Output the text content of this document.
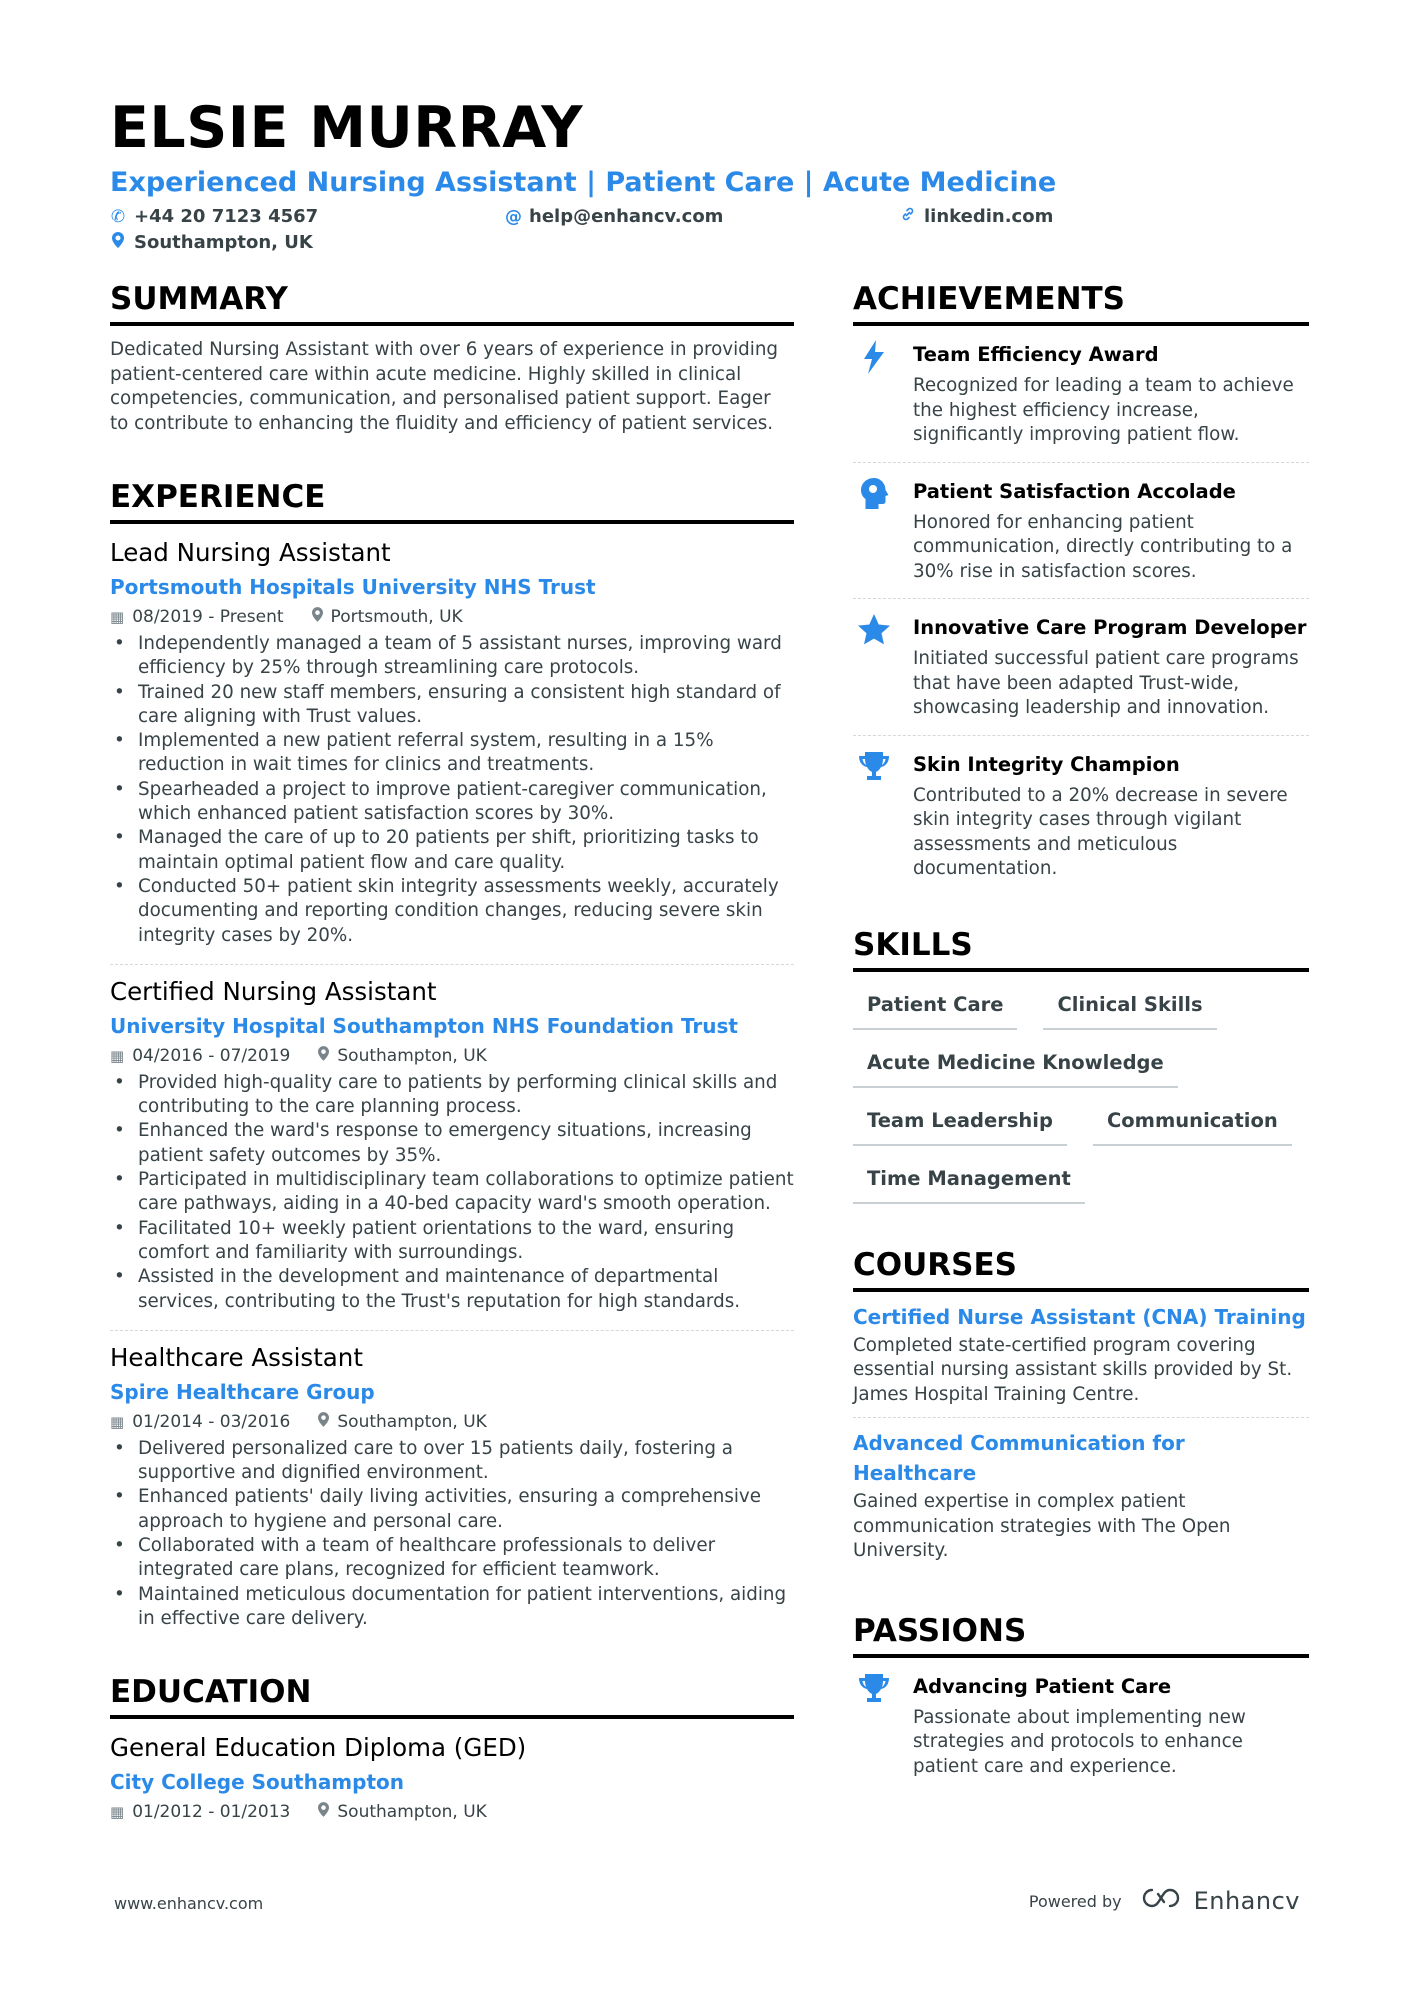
ELSIE MURRAY
Experienced Nursing Assistant | Patient Care | Acute Medicine
✆ +44 20 7123 4567	@ help@enhancv.com	linkedin.com
Southampton, UK
SUMMARY

Dedicated Nursing Assistant with over 6 years of experience in providing patient-centered care within acute medicine. Highly skilled in clinical competencies, communication, and personalised patient support. Eager to contribute to enhancing the fluidity and efficiency of patient services.

EXPERIENCE
Lead Nursing Assistant
Portsmouth Hospitals University NHS Trust
▦ 08/2019 - Present	Portsmouth, UK
• Independently managed a team of 5 assistant nurses, improving ward efficiency by 25% through streamlining care protocols.
• Trained 20 new staff members, ensuring a consistent high standard of care aligning with Trust values.
• Implemented a new patient referral system, resulting in a 15% reduction in wait times for clinics and treatments.
• Spearheaded a project to improve patient-caregiver communication, which enhanced patient satisfaction scores by 30%.
• Managed the care of up to 20 patients per shift, prioritizing tasks to maintain optimal patient flow and care quality.
• Conducted 50+ patient skin integrity assessments weekly, accurately documenting and reporting condition changes, reducing severe skin integrity cases by 20%.
Certified Nursing Assistant
University Hospital Southampton NHS Foundation Trust
▦ 04/2016 - 07/2019	Southampton, UK
• Provided high-quality care to patients by performing clinical skills and contributing to the care planning process.
• Enhanced the ward's response to emergency situations, increasing patient safety outcomes by 35%.
• Participated in multidisciplinary team collaborations to optimize patient care pathways, aiding in a 40-bed capacity ward's smooth operation.
• Facilitated 10+ weekly patient orientations to the ward, ensuring comfort and familiarity with surroundings.
• Assisted in the development and maintenance of departmental services, contributing to the Trust's reputation for high standards.
Healthcare Assistant
Spire Healthcare Group
▦ 01/2014 - 03/2016	Southampton, UK
• Delivered personalized care to over 15 patients daily, fostering a supportive and dignified environment.
• Enhanced patients' daily living activities, ensuring a comprehensive approach to hygiene and personal care.
• Collaborated with a team of healthcare professionals to deliver integrated care plans, recognized for efficient teamwork.
• Maintained meticulous documentation for patient interventions, aiding in effective care delivery.
EDUCATION
General Education Diploma (GED)
City College Southampton
▦ 01/2012 - 01/2013	Southampton, UK
ACHIEVEMENTS
Team Efficiency Award
Recognized for leading a team to achieve the highest efficiency increase, significantly improving patient flow.
Patient Satisfaction Accolade
Honored for enhancing patient communication, directly contributing to a 30% rise in satisfaction scores.
Innovative Care Program Developer
Initiated successful patient care programs that have been adapted Trust-wide, showcasing leadership and innovation.
Skin Integrity Champion
Contributed to a 20% decrease in severe skin integrity cases through vigilant assessments and meticulous documentation.
SKILLS
Patient Care	Clinical Skills
Acute Medicine Knowledge
Team Leadership	Communication
Time Management
COURSES
Certified Nurse Assistant (CNA) Training
Completed state-certified program covering essential nursing assistant skills provided by St. James Hospital Training Centre.
Advanced Communication for Healthcare
Gained expertise in complex patient communication strategies with The Open University.
PASSIONS
Advancing Patient Care
Passionate about implementing new strategies and protocols to enhance patient care and experience.
www.enhancv.com	Powered by	Enhancv
